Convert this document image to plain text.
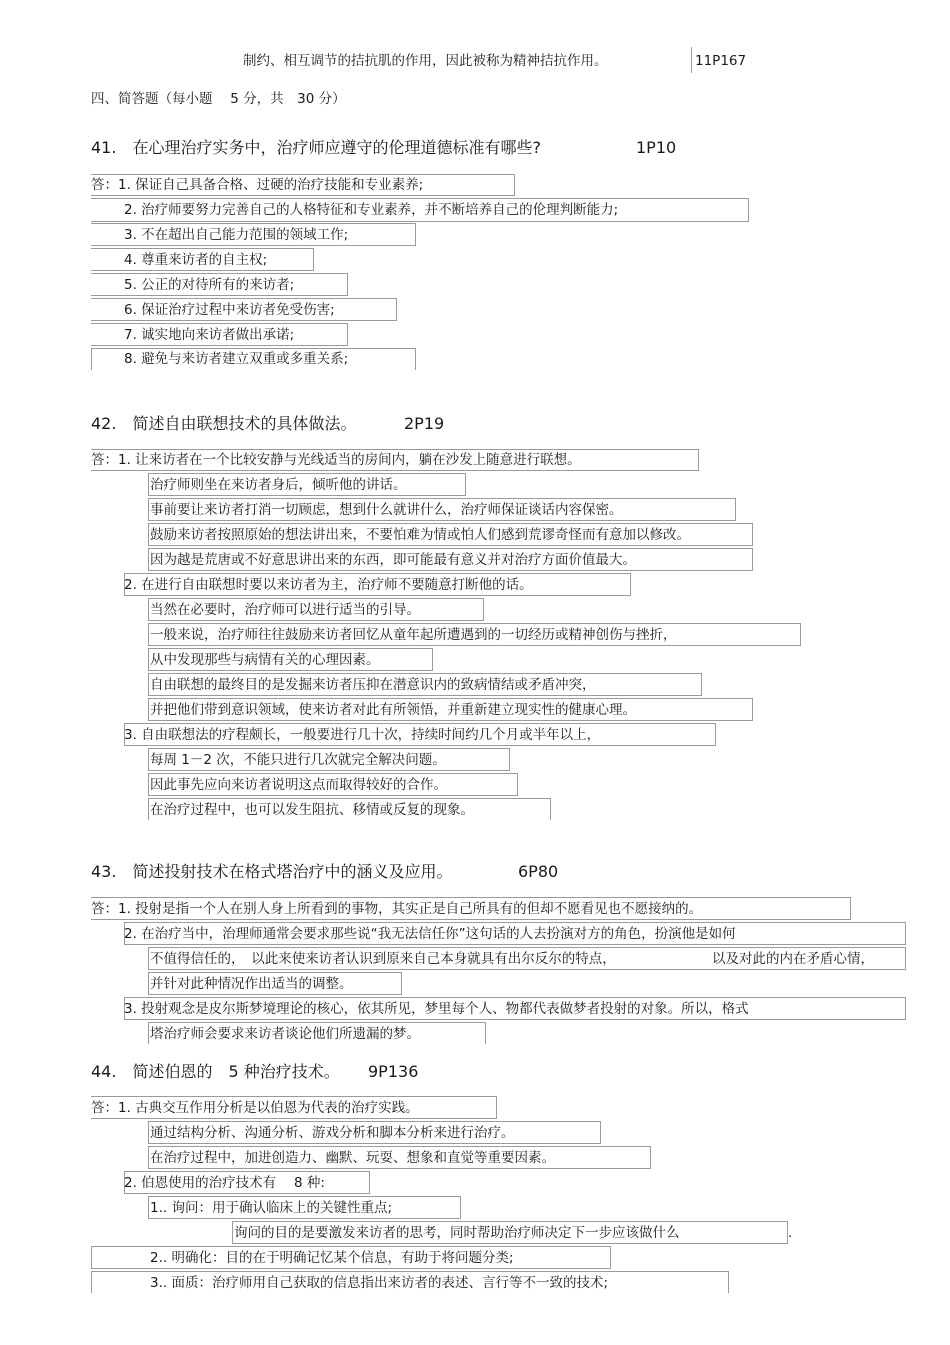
制约、相互调节的拮抗肌的作用，因此被称为精神拮抗作用。	11P167
四、简答题（每小题　 5 分，共　30 分）
41.　在心理治疗实务中，治疗师应遵守的伦理道德标准有哪些?	1P10
答：1. 保证自己具备合格、过硬的治疗技能和专业素养;
2. 治疗师要努力完善自己的人格特征和专业素养，并不断培养自己的伦理判断能力;
3. 不在超出自己能力范围的领域工作;
4. 尊重来访者的自主权;
5. 公正的对待所有的来访者;
6. 保证治疗过程中来访者免受伤害;
7. 诚实地向来访者做出承诺;
8. 避免与来访者建立双重或多重关系;
42.　简述自由联想技术的具体做法。	2P19
答：1. 让来访者在一个比较安静与光线适当的房间内，躺在沙发上随意进行联想。
治疗师则坐在来访者身后，倾听他的讲话。
事前要让来访者打消一切顾虑，想到什么就讲什么，治疗师保证谈话内容保密。
鼓励来访者按照原始的想法讲出来，不要怕难为情或怕人们感到荒谬奇怪而有意加以修改。
因为越是荒唐或不好意思讲出来的东西，即可能最有意义并对治疗方面价值最大。
2. 在进行自由联想时要以来访者为主，治疗师不要随意打断他的话。
当然在必要时，治疗师可以进行适当的引导。
一般来说，治疗师往往鼓励来访者回忆从童年起所遭遇到的一切经历或精神创伤与挫折，
从中发现那些与病情有关的心理因素。
自由联想的最终目的是发掘来访者压抑在潜意识内的致病情结或矛盾冲突，
并把他们带到意识领域，使来访者对此有所领悟，并重新建立现实性的健康心理。
3. 自由联想法的疗程颇长，一般要进行几十次，持续时间约几个月或半年以上，
每周 1－2 次，不能只进行几次就完全解决问题。
因此事先应向来访者说明这点而取得较好的合作。
在治疗过程中，也可以发生阻抗、移情或反复的现象。
43.　简述投射技术在格式塔治疗中的涵义及应用。	6P80
答：1. 投射是指一个人在别人身上所看到的事物，其实正是自己所具有的但却不愿看见也不愿接纳的。
2. 在治疗当中，治理师通常会要求那些说“我无法信任你”这句话的人去扮演对方的角色，扮演他是如何
不值得信任的，　以此来使来访者认识到原来自己本身就具有出尔反尔的特点，	以及对此的内在矛盾心情，
并针对此种情况作出适当的调整。
3. 投射观念是皮尔斯梦境理论的核心，依其所见，梦里每个人、物都代表做梦者投射的对象。所以，格式
塔治疗师会要求来访者谈论他们所遗漏的梦。
44.　简述伯恩的　5 种治疗技术。 9P136
答：1. 古典交互作用分析是以伯恩为代表的治疗实践。
通过结构分析、沟通分析、游戏分析和脚本分析来进行治疗。
在治疗过程中，加进创造力、幽默、玩耍、想象和直觉等重要因素。
2. 伯恩使用的治疗技术有　 8 种:
1.. 询问：用于确认临床上的关键性重点;
询问的目的是要激发来访者的思考，同时帮助治疗师决定下一步应该做什么	.
2.. 明确化：目的在于明确记忆某个信息，有助于将问题分类;
3.. 面质：治疗师用自己获取的信息指出来访者的表述、言行等不一致的技术;
